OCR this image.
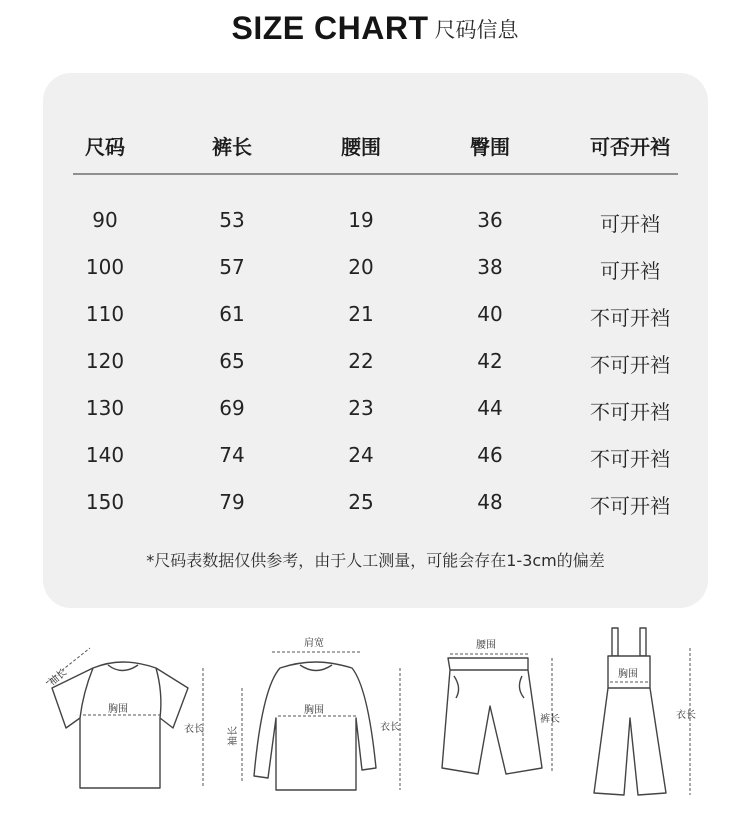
SIZE CHART 尺码信息
尺码	裤长	腰围	臀围	可否开裆
90	53	19	36	可开裆
100	57	20	38	可开裆
110	61	21	40	不可开裆
120	65	22	42	不可开裆
130	69	23	44	不可开裆
140	74	24	46	不可开裆
150	79	25	48	不可开裆
*尺码表数据仅供参考，由于人工测量，可能会存在1-3cm的偏差
袖长
胸围
衣长
肩宽
袖长
胸围
衣长
腰围
裤长
胸围
衣长
